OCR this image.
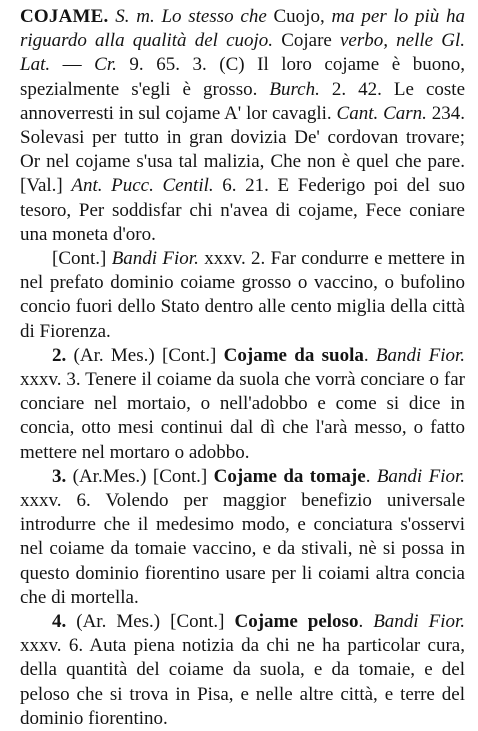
COJAME. S. m. Lo stesso che Cuojo, ma per lo più ha riguardo alla qualità del cuojo. Cojare verbo, nelle Gl. Lat. — Cr. 9. 65. 3. (C) Il loro cojame è buono, spezialmente s'egli è grosso. Burch. 2. 42. Le coste annoverresti in sul cojame A' lor cavagli. Cant. Carn. 234. Solevasi per tutto in gran dovizia De' cordovan trovare; Or nel cojame s'usa tal malizia, Che non è quel che pare. [Val.] Ant. Pucc. Centil. 6. 21. E Federigo poi del suo tesoro, Per soddisfar chi n'avea di cojame, Fece coniare una moneta d'oro.

[Cont.] Bandi Fior. xxxv. 2. Far condurre e mettere in nel prefato dominio coiame grosso o vaccino, o bufolino concio fuori dello Stato dentro alle cento miglia della città di Fiorenza.

2. (Ar. Mes.) [Cont.] Cojame da suola. Bandi Fior. xxxv. 3. Tenere il coiame da suola che vorrà conciare o far conciare nel mortaio, o nell'adobbo e come si dice in concia, otto mesi continui dal dì che l'arà messo, o fatto mettere nel mortaro o adobbo.

3. (Ar.Mes.) [Cont.] Cojame da tomaje. Bandi Fior. xxxv. 6. Volendo per maggior benefizio universale introdurre che il medesimo modo, e conciatura s'osservi nel coiame da tomaie vaccino, e da stivali, nè si possa in questo dominio fiorentino usare per li coiami altra concia che di mortella.

4. (Ar. Mes.) [Cont.] Cojame peloso. Bandi Fior. xxxv. 6. Auta piena notizia da chi ne ha particolar cura, della quantità del coiame da suola, e da tomaie, e del peloso che si trova in Pisa, e nelle altre città, e terre del dominio fiorentino.
